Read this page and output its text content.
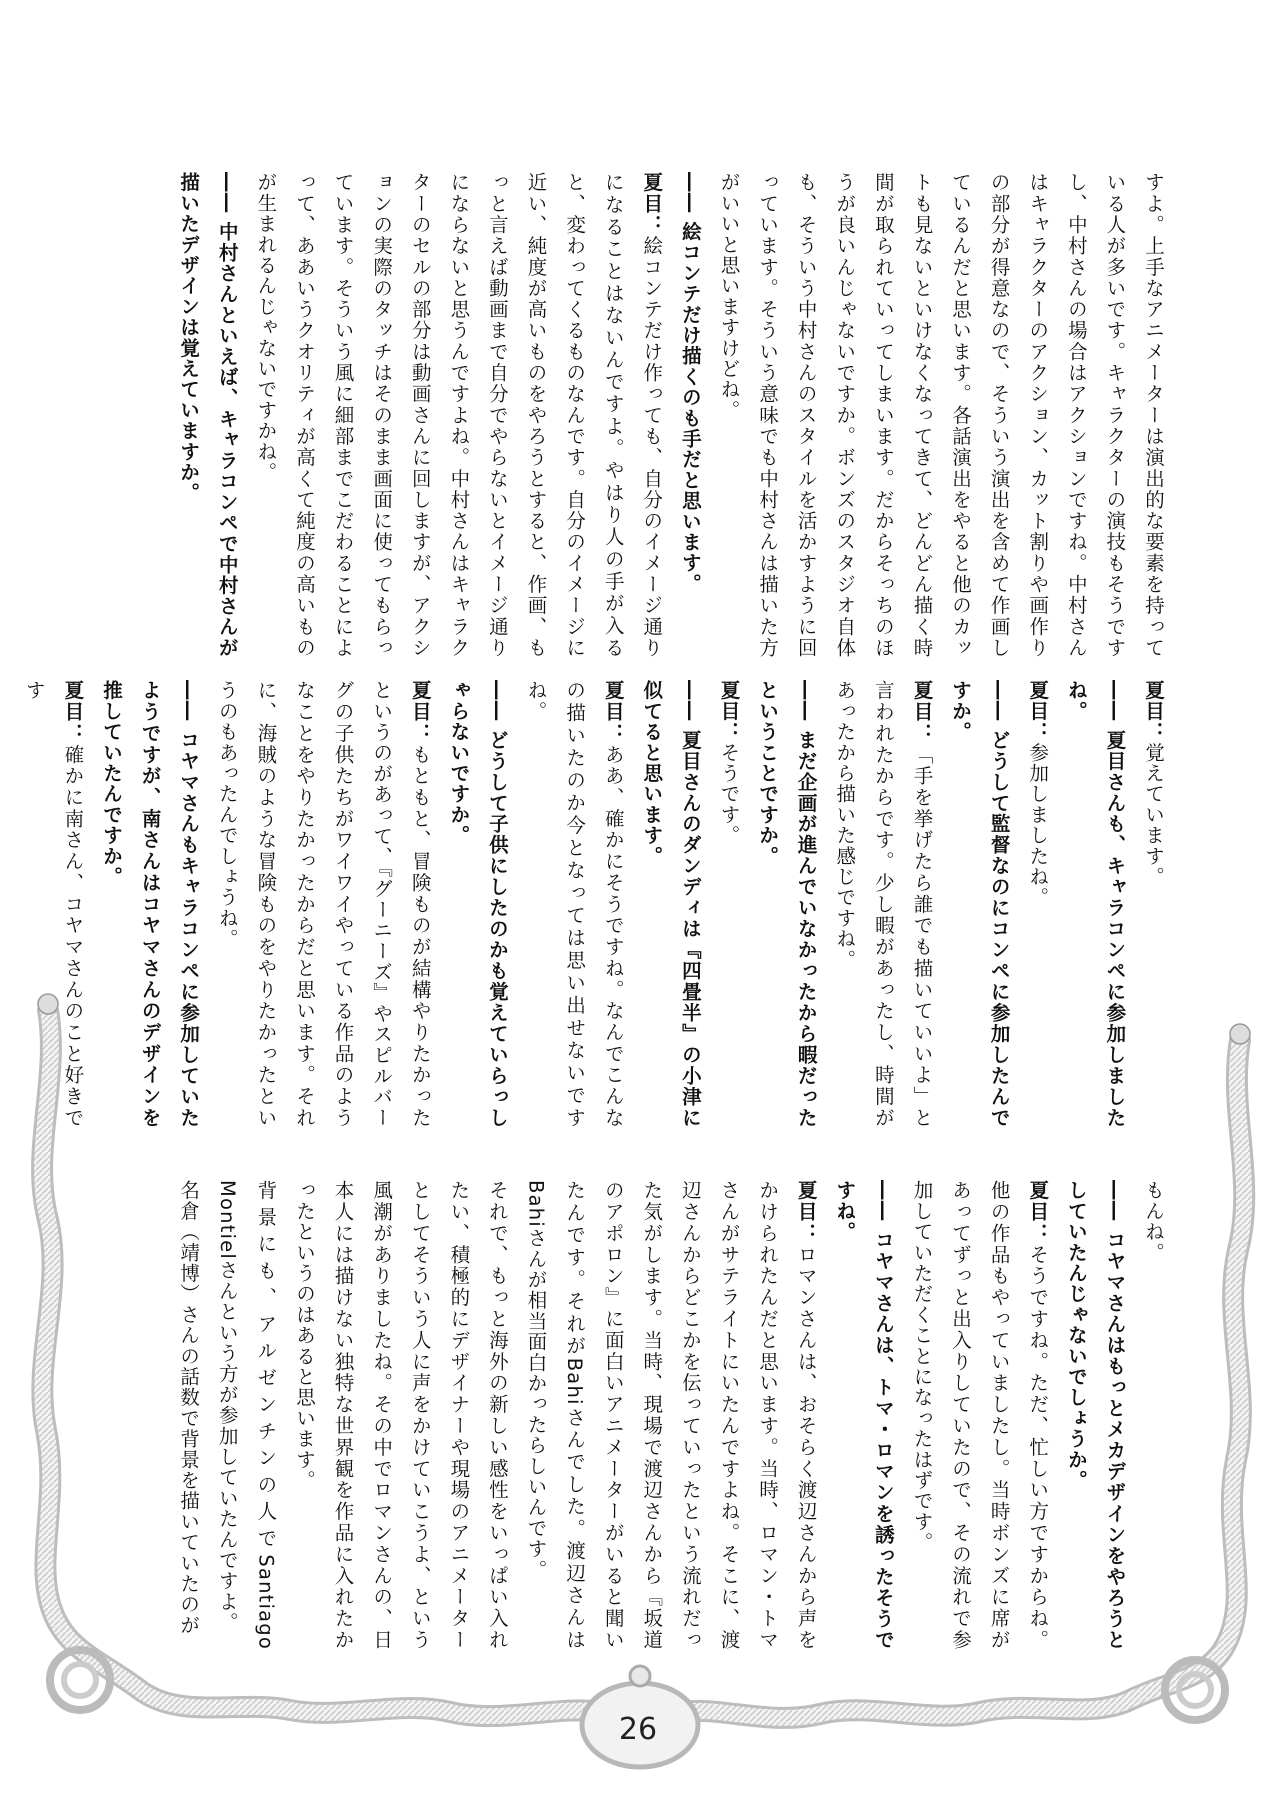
すよ。上手なアニメーターは演出的な要素を持っている人が多いです。キャラクターの演技もそうですし、中村さんの場合はアクションですね。中村さんはキャラクターのアクション、カット割りや画作りの部分が得意なので、そういう演出を含めて作画しているんだと思います。各話演出をやると他のカットも見ないといけなくなってきて、どんどん描く時間が取られていってしまいます。だからそっちのほうが良いんじゃないですか。ボンズのスタジオ自体も、そういう中村さんのスタイルを活かすように回っています。そういう意味でも中村さんは描いた方がいいと思いますけどね。

―― 絵コンテだけ描くのも手だと思います。

夏目：絵コンテだけ作っても、自分のイメージ通りになることはないんですよ。やはり人の手が入ると、変わってくるものなんです。自分のイメージに近い、純度が高いものをやろうとすると、作画、もっと言えば動画まで自分でやらないとイメージ通りにならないと思うんですよね。中村さんはキャラクターのセルの部分は動画さんに回しますが、アクションの実際のタッチはそのまま画面に使ってもらっています。そういう風に細部までこだわることによって、ああいうクオリティが高くて純度の高いものが生まれるんじゃないですかね。

―― 中村さんといえば、キャラコンペで中村さんが描いたデザインは覚えていますか。

夏目：覚えています。

―― 夏目さんも、キャラコンペに参加しましたね。

夏目：参加しましたね。

―― どうして監督なのにコンペに参加したんですか。

夏目：「手を挙げたら誰でも描いていいよ」と言われたからです。少し暇があったし、時間があったから描いた感じですね。

―― まだ企画が進んでいなかったから暇だったということですか。

夏目：そうです。

―― 夏目さんのダンディは『四畳半』の小津に似てると思います。

夏目：ああ、確かにそうですね。なんでこんなの描いたのか今となっては思い出せないですね。

―― どうして子供にしたのかも覚えていらっしゃらないですか。

夏目：もともと、冒険ものが結構やりたかったというのがあって、『グーニーズ』やスピルバーグの子供たちがワイワイやっている作品のようなことをやりたかったからだと思います。それに、海賊のような冒険ものをやりたかったというのもあったんでしょうね。

―― コヤマさんもキャラコンペに参加していたようですが、南さんはコヤマさんのデザインを推していたんですか。

夏目：確かに南さん、コヤマさんのこと好きです

もんね。

―― コヤマさんはもっとメカデザインをやろうとしていたんじゃないでしょうか。

夏目：そうですね。ただ、忙しい方ですからね。他の作品もやっていましたし。当時ボンズに席があってずっと出入りしていたので、その流れで参加していただくことになったはずです。

―― コヤマさんは、トマ・ロマンを誘ったそうですね。

夏目：ロマンさんは、おそらく渡辺さんから声をかけられたんだと思います。当時、ロマン・トマさんがサテライトにいたんですよね。そこに、渡辺さんからどこかを伝っていったという流れだった気がします。当時、現場で渡辺さんから『坂道のアポロン』に面白いアニメーターがいると聞いたんです。それがBahiさんでした。渡辺さんはBahiさんが相当面白かったらしいんです。

それで、もっと海外の新しい感性をいっぱい入れたい、積極的にデザイナーや現場のアニメーターとしてそういう人に声をかけていこうよ、という風潮がありましたね。その中でロマンさんの、日本人には描けない独特な世界観を作品に入れたかったというのはあると思います。

背景にも、アルゼンチンの人でSantiago Montielさんという方が参加していたんですよ。

名倉（靖博）さんの話数で背景を描いていたのが

26
